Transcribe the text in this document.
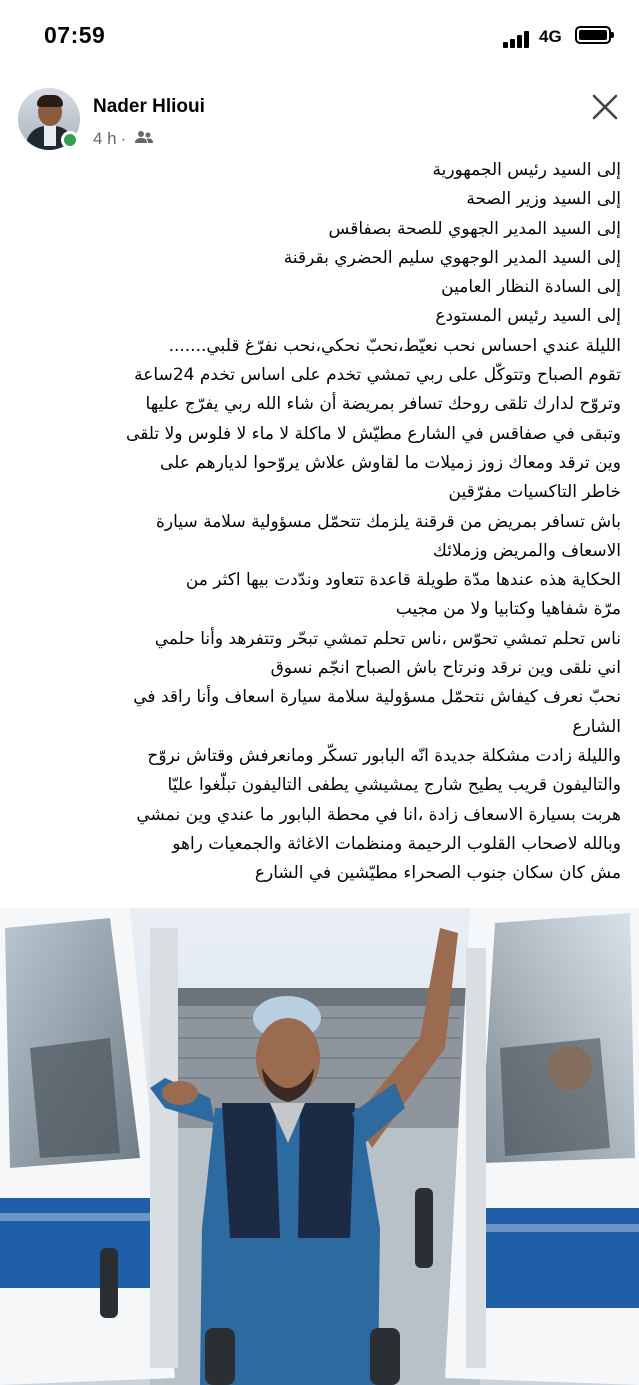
07:59	4G
Nader Hlioui
4 h ·
إلى السيد رئيس الجمهورية
إلى السيد وزير الصحة
إلى السيد المدير الجهوي للصحة بصفاقس
إلى السيد المدير الوجهوي سليم الحضري بقرقنة
إلى السادة النظار العامين
إلى السيد رئيس المستودع
الليلة عندي احساس نحب نعيّط،نحبّ نحكي،نحب نفرّغ قلبي.......
تقوم الصباح وتتوكّل على ربي تمشي تخدم على اساس تخدم 24ساعة
وتروّح لدارك تلقى روحك تسافر بمريضة أن شاء الله ربي يفرّج عليها
وتبقى في صفاقس في الشارع مطيّش لا ماكلة لا ماء لا فلوس ولا تلقى
وين ترقد ومعاك زوز زميلات ما لقاوش علاش يروّحوا لديارهم على
خاطر التاكسيات مفرّقين
باش تسافر بمريض من قرقنة يلزمك تتحمّل مسؤولية سلامة سيارة
الاسعاف والمريض وزملائك
الحكاية هذه عندها مدّة طويلة قاعدة تتعاود وندّدت بيها اكثر من
مرّة شفاهيا وكتابيا ولا من مجيب
ناس تحلم تمشي تحوّس ،ناس تحلم تمشي تبحّر وتتفرهد وأنا حلمي
اني نلقى وين نرقد ونرتاح باش الصباح انجّم نسوق
نحبّ نعرف كيفاش نتحمّل مسؤولية سلامة سيارة اسعاف وأنا راقد في
الشارع
والليلة زادت مشكلة جديدة انّه البابور تسكّر ومانعرفش وقتاش نروّح
والتاليفون قريب يطيح شارج يمشيشي يطفى التاليفون تبلّغوا عليّا
هربت بسيارة الاسعاف زادة ،انا في محطة البابور ما عندي وين نمشي
وبالله لاصحاب القلوب الرحيمة ومنظمات الاغاثة والجمعيات راهو
مش كان سكان جنوب الصحراء مطيّشين في الشارع
